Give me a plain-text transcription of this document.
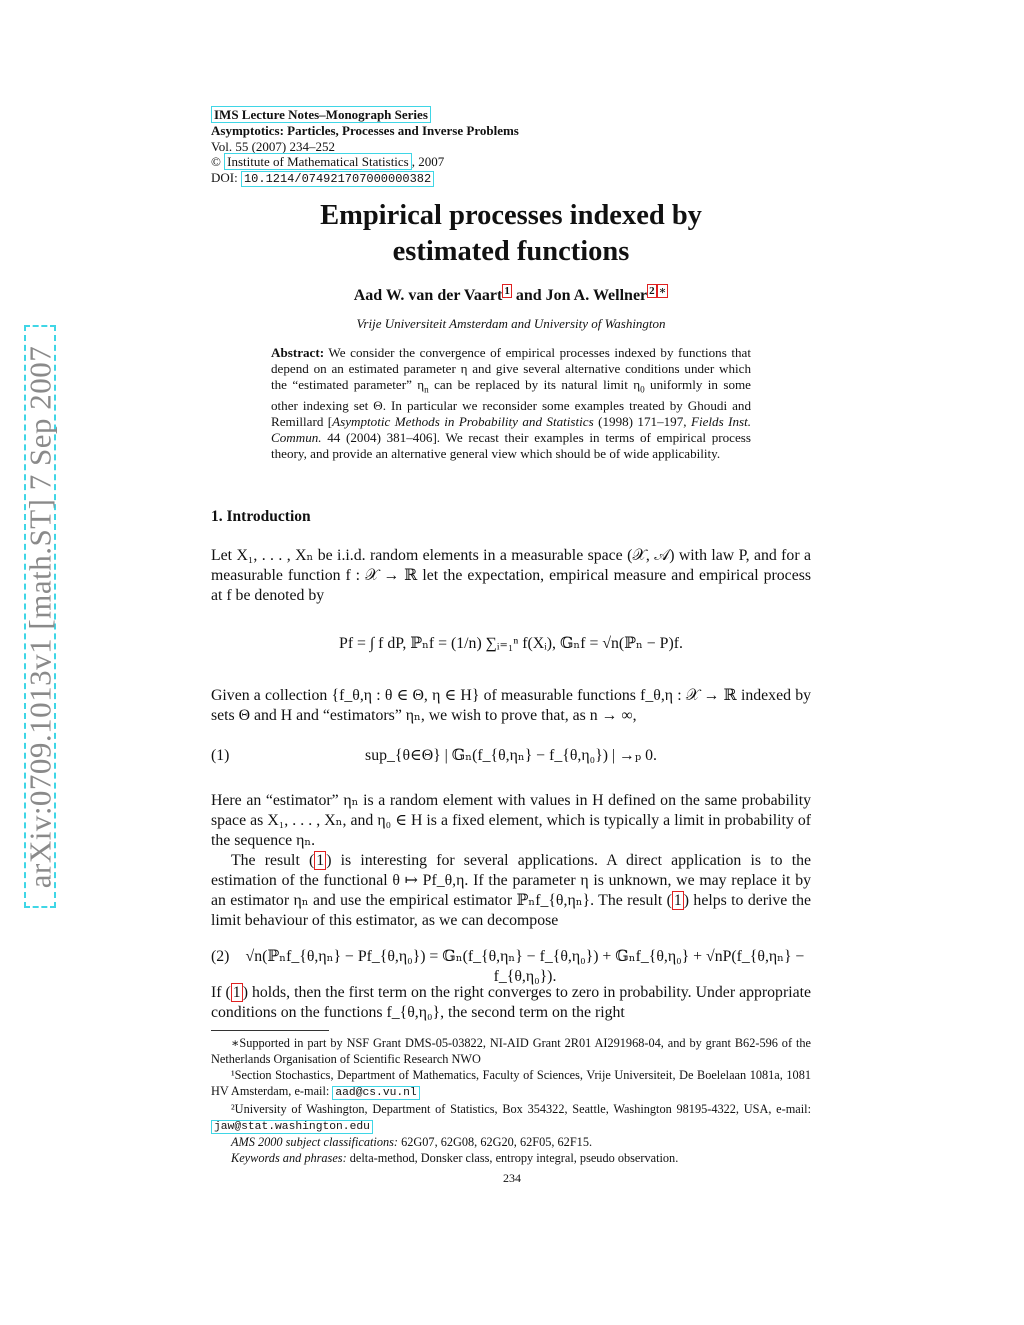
arXiv:0709.1013v1 [math.ST] 7 Sep 2007
IMS Lecture Notes–Monograph Series
Asymptotics: Particles, Processes and Inverse Problems
Vol. 55 (2007) 234–252
© Institute of Mathematical Statistics , 2007
DOI: 10.1214/074921707000000382
Empirical processes indexed by
estimated functions
Aad W. van der Vaart $^1$ and Jon A. Wellner $^2$ ∗
Vrije Universiteit Amsterdam and University of Washington
Abstract: We consider the convergence of empirical processes indexed by functions that depend on an estimated parameter η and give several alternative conditions under which the “estimated parameter” $\eta_n$ can be replaced by its natural limit $\eta_0$ uniformly in some other indexing set Θ. In particular we reconsider some examples treated by Ghoudi and Remillard [Asymptotic Methods in Probability and Statistics (1998) 171–197, Fields Inst. Commun. 44 (2004) 381–406]. We recast their examples in terms of empirical process theory, and provide an alternative general view which should be of wide applicability.
1. Introduction
Let X₁, . . . , Xₙ be i.i.d. random elements in a measurable space (𝒳, 𝒜) with law P, and for a measurable function f : 𝒳 → ℝ let the expectation, empirical measure and empirical process at f be denoted by
Pf = ∫ f dP, ℙₙf = (1/n) ∑ᵢ₌₁ⁿ f(Xᵢ), 𝔾ₙf = √n(ℙₙ − P)f.
Given a collection {f_θ,η : θ ∈ Θ, η ∈ H} of measurable functions f_θ,η : 𝒳 → ℝ indexed by sets Θ and H and “estimators” ηₙ, we wish to prove that, as n → ∞,
(1)	sup_{θ∈Θ} | 𝔾ₙ(f_{θ,ηₙ} − f_{θ,η₀}) | →ₚ 0.
Here an “estimator” ηₙ is a random element with values in H defined on the same probability space as X₁, . . . , Xₙ, and η₀ ∈ H is a fixed element, which is typically a limit in probability of the sequence ηₙ.
The result ( 1 ) is interesting for several applications. A direct application is to the estimation of the functional θ ↦ Pf_θ,η. If the parameter η is unknown, we may replace it by an estimator ηₙ and use the empirical estimator ℙₙf_{θ,ηₙ}. The result ( 1 ) helps to derive the limit behaviour of this estimator, as we can decompose
(2)	√n(ℙₙf_{θ,ηₙ} − Pf_{θ,η₀}) = 𝔾ₙ(f_{θ,ηₙ} − f_{θ,η₀}) + 𝔾ₙf_{θ,η₀} + √nP(f_{θ,ηₙ} − f_{θ,η₀}).
If ( 1 ) holds, then the first term on the right converges to zero in probability. Under appropriate conditions on the functions f_{θ,η₀}, the second term on the right

∗Supported in part by NSF Grant DMS-05-03822, NI-AID Grant 2R01 AI291968-04, and by grant B62-596 of the Netherlands Organisation of Scientific Research NWO

¹Section Stochastics, Department of Mathematics, Faculty of Sciences, Vrije Universiteit, De Boelelaan 1081a, 1081 HV Amsterdam, e-mail: aad@cs.vu.nl

²University of Washington, Department of Statistics, Box 354322, Seattle, Washington 98195-4322, USA, e-mail: jaw@stat.washington.edu

AMS 2000 subject classifications: 62G07, 62G08, 62G20, 62F05, 62F15.

Keywords and phrases: delta-method, Donsker class, entropy integral, pseudo observation.

234
